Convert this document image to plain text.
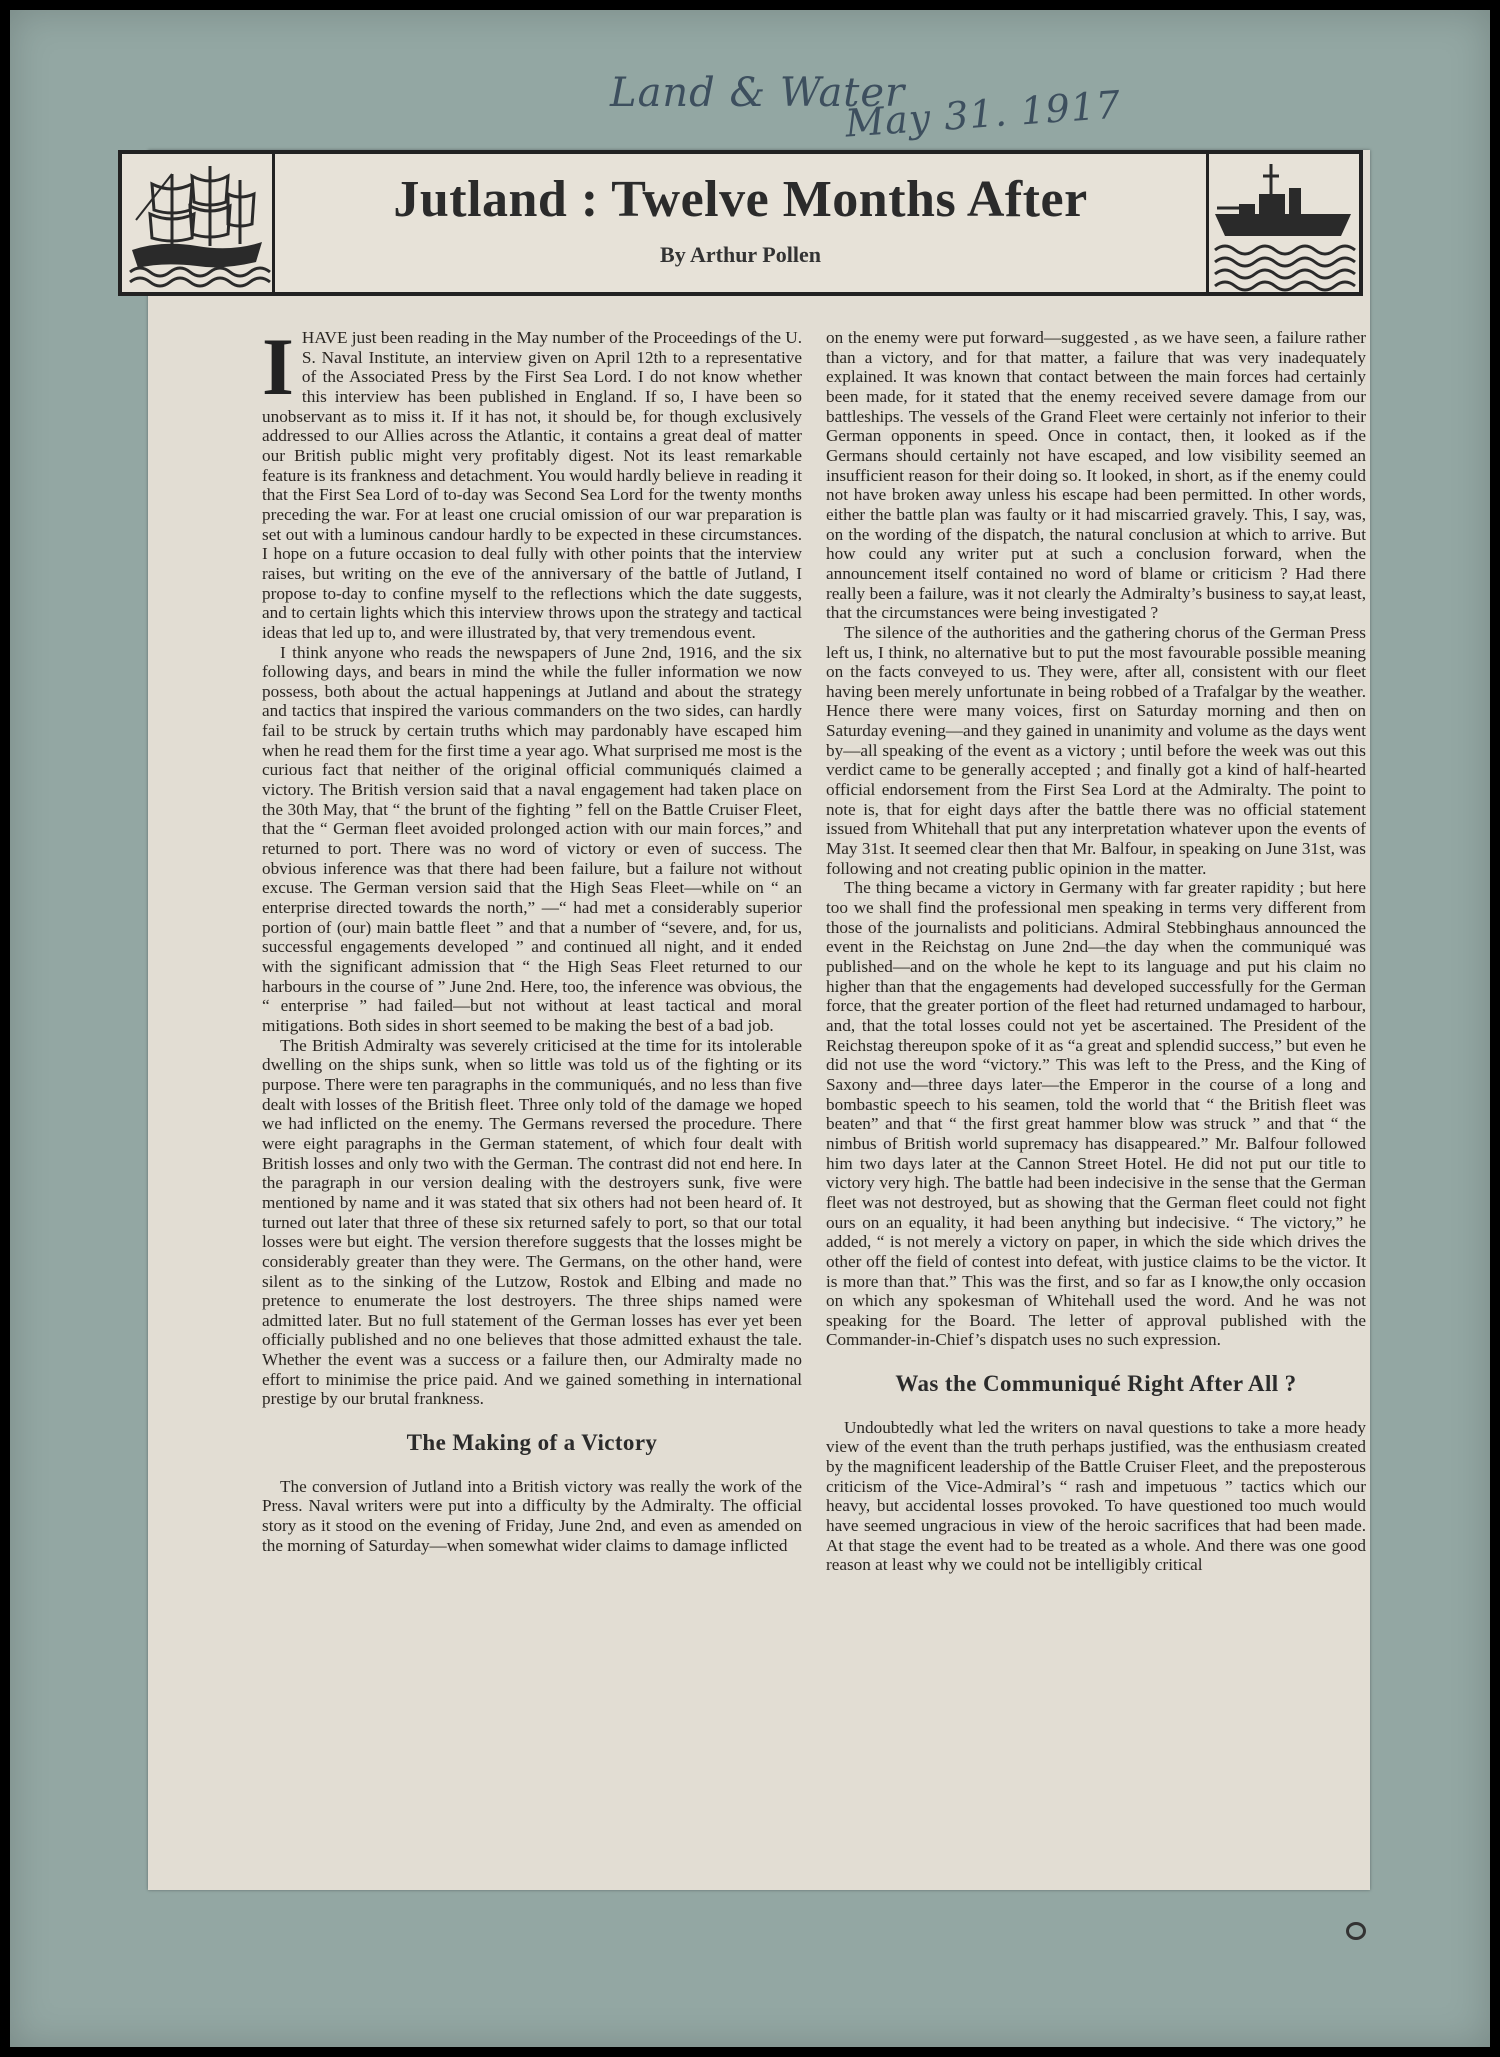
Land & Water
May 31. 1917
Jutland : Twelve Months After
By Arthur Pollen

I HAVE just been reading in the May number of the Proceedings of the U. S. Naval Institute, an interview given on April 12th to a representative of the Associated Press by the First Sea Lord. I do not know whether this interview has been published in England. If so, I have been so unobservant as to miss it. If it has not, it should be, for though exclusively addressed to our Allies across the Atlantic, it contains a great deal of matter our British public might very profitably digest. Not its least remarkable feature is its frankness and detachment. You would hardly believe in reading it that the First Sea Lord of to-day was Second Sea Lord for the twenty months preceding the war. For at least one crucial omission of our war preparation is set out with a luminous candour hardly to be expected in these circumstances. I hope on a future occasion to deal fully with other points that the interview raises, but writing on the eve of the anniversary of the battle of Jutland, I propose to-day to confine myself to the reflections which the date suggests, and to certain lights which this interview throws upon the strategy and tactical ideas that led up to, and were illustrated by, that very tremendous event.

I think anyone who reads the newspapers of June 2nd, 1916, and the six following days, and bears in mind the while the fuller information we now possess, both about the actual happenings at Jutland and about the strategy and tactics that inspired the various commanders on the two sides, can hardly fail to be struck by certain truths which may pardonably have escaped him when he read them for the first time a year ago. What surprised me most is the curious fact that neither of the original official communiqués claimed a victory. The British version said that a naval engagement had taken place on the 30th May, that “ the brunt of the fighting ” fell on the Battle Cruiser Fleet, that the “ German fleet avoided prolonged action with our main forces,” and returned to port. There was no word of victory or even of success. The obvious inference was that there had been failure, but a failure not without excuse. The German version said that the High Seas Fleet—while on “ an enterprise directed towards the north,” —“ had met a considerably superior portion of (our) main battle fleet ” and that a number of “severe, and, for us, successful engagements developed ” and continued all night, and it ended with the significant admission that “ the High Seas Fleet returned to our harbours in the course of ” June 2nd. Here, too, the inference was obvious, the “ enterprise ” had failed—but not without at least tactical and moral mitigations. Both sides in short seemed to be making the best of a bad job.

The British Admiralty was severely criticised at the time for its intolerable dwelling on the ships sunk, when so little was told us of the fighting or its purpose. There were ten paragraphs in the communiqués, and no less than five dealt with losses of the British fleet. Three only told of the damage we hoped we had inflicted on the enemy. The Germans reversed the procedure. There were eight paragraphs in the German statement, of which four dealt with British losses and only two with the German. The contrast did not end here. In the paragraph in our version dealing with the destroyers sunk, five were mentioned by name and it was stated that six others had not been heard of. It turned out later that three of these six returned safely to port, so that our total losses were but eight. The version therefore suggests that the losses might be considerably greater than they were. The Germans, on the other hand, were silent as to the sinking of the Lutzow, Rostok and Elbing and made no pretence to enumerate the lost destroyers. The three ships named were admitted later. But no full statement of the German losses has ever yet been officially published and no one believes that those admitted exhaust the tale. Whether the event was a success or a failure then, our Admiralty made no effort to minimise the price paid. And we gained something in international prestige by our brutal frankness.

The Making of a Victory

The conversion of Jutland into a British victory was really the work of the Press. Naval writers were put into a difficulty by the Admiralty. The official story as it stood on the evening of Friday, June 2nd, and even as amended on the morning of Saturday—when somewhat wider claims to damage inflicted

on the enemy were put forward—suggested , as we have seen, a failure rather than a victory, and for that matter, a failure that was very inadequately explained. It was known that contact between the main forces had certainly been made, for it stated that the enemy received severe damage from our battleships. The vessels of the Grand Fleet were certainly not inferior to their German opponents in speed. Once in contact, then, it looked as if the Germans should certainly not have escaped, and low visibility seemed an insufficient reason for their doing so. It looked, in short, as if the enemy could not have broken away unless his escape had been permitted. In other words, either the battle plan was faulty or it had miscarried gravely. This, I say, was, on the wording of the dispatch, the natural conclusion at which to arrive. But how could any writer put at such a conclusion forward, when the announcement itself contained no word of blame or criticism ? Had there really been a failure, was it not clearly the Admiralty’s business to say,at least, that the circumstances were being investigated ?

The silence of the authorities and the gathering chorus of the German Press left us, I think, no alternative but to put the most favourable possible meaning on the facts conveyed to us. They were, after all, consistent with our fleet having been merely unfortunate in being robbed of a Trafalgar by the weather. Hence there were many voices, first on Saturday morning and then on Saturday evening—and they gained in unanimity and volume as the days went by—all speaking of the event as a victory ; until before the week was out this verdict came to be generally accepted ; and finally got a kind of half-hearted official endorsement from the First Sea Lord at the Admiralty. The point to note is, that for eight days after the battle there was no official statement issued from Whitehall that put any interpretation whatever upon the events of May 31st. It seemed clear then that Mr. Balfour, in speaking on June 31st, was following and not creating public opinion in the matter.

The thing became a victory in Germany with far greater rapidity ; but here too we shall find the professional men speaking in terms very different from those of the journalists and politicians. Admiral Stebbinghaus announced the event in the Reichstag on June 2nd—the day when the communiqué was published—and on the whole he kept to its language and put his claim no higher than that the engagements had developed successfully for the German force, that the greater portion of the fleet had returned undamaged to harbour, and, that the total losses could not yet be ascertained. The President of the Reichstag thereupon spoke of it as “a great and splendid success,” but even he did not use the word “victory.” This was left to the Press, and the King of Saxony and—three days later—the Emperor in the course of a long and bombastic speech to his seamen, told the world that “ the British fleet was beaten” and that “ the first great hammer blow was struck ” and that “ the nimbus of British world supremacy has disappeared.” Mr. Balfour followed him two days later at the Cannon Street Hotel. He did not put our title to victory very high. The battle had been indecisive in the sense that the German fleet was not destroyed, but as showing that the German fleet could not fight ours on an equality, it had been anything but indecisive. “ The victory,” he added, “ is not merely a victory on paper, in which the side which drives the other off the field of contest into defeat, with justice claims to be the victor. It is more than that.” This was the first, and so far as I know,the only occasion on which any spokesman of Whitehall used the word. And he was not speaking for the Board. The letter of approval published with the Commander-in-Chief’s dispatch uses no such expression.

Was the Communiqué Right After All ?

Undoubtedly what led the writers on naval questions to take a more heady view of the event than the truth perhaps justified, was the enthusiasm created by the magnificent leadership of the Battle Cruiser Fleet, and the preposterous criticism of the Vice-Admiral’s “ rash and impetuous ” tactics which our heavy, but accidental losses provoked. To have questioned too much would have seemed ungracious in view of the heroic sacrifices that had been made. At that stage the event had to be treated as a whole. And there was one good reason at least why we could not be intelligibly critical
